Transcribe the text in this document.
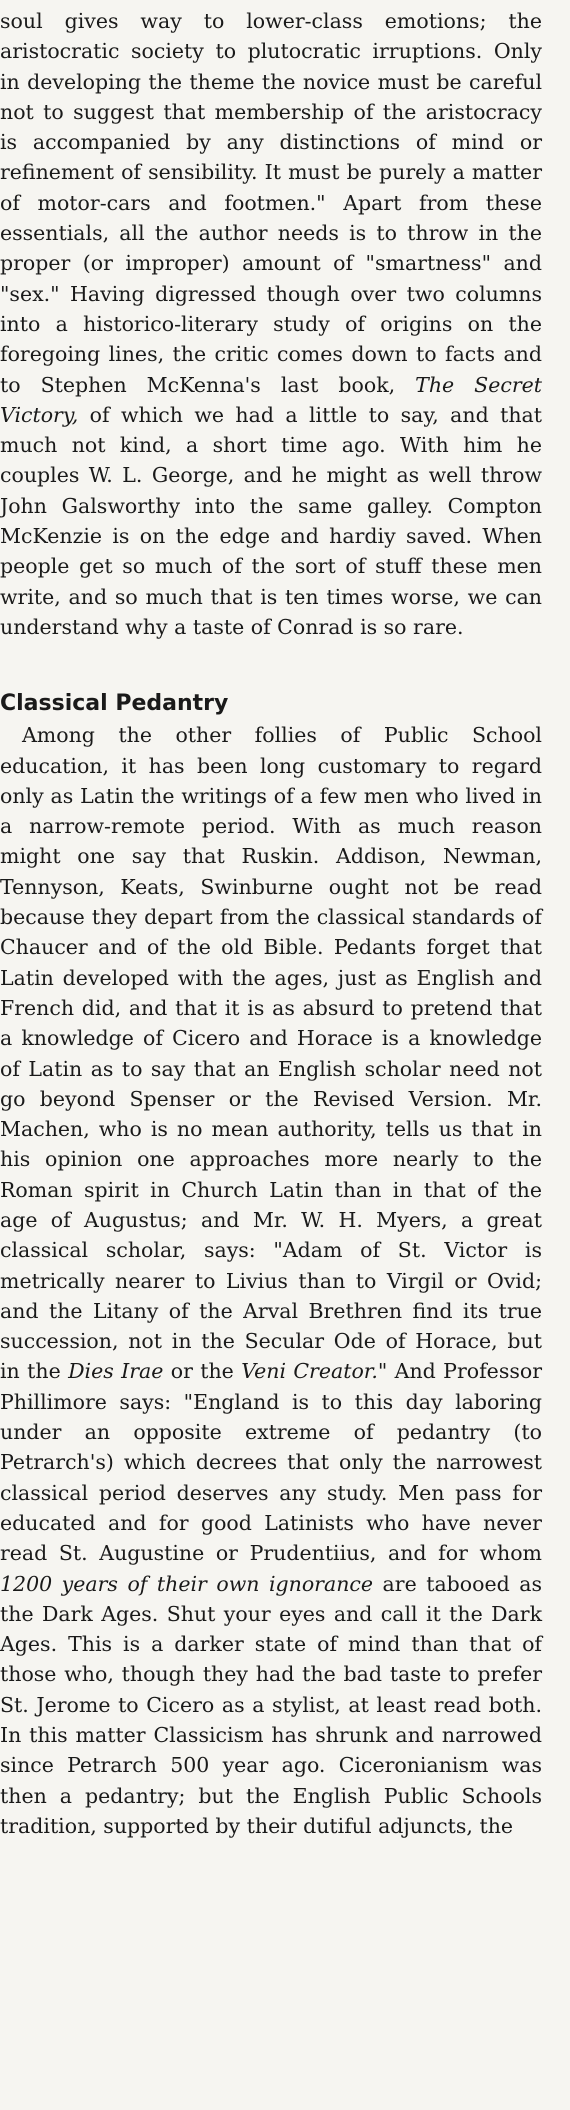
soul gives way to lower-class emotions; the aristocratic society to plutocratic irruptions. Only in developing the theme the novice must be careful not to suggest that membership of the aristocracy is accompanied by any distinctions of mind or refinement of sensibility. It must be purely a matter of motor-cars and footmen." Apart from these essentials, all the author needs is to throw in the proper (or improper) amount of "smartness" and "sex." Having digressed though over two columns into a historico-literary study of origins on the foregoing lines, the critic comes down to facts and to Stephen McKenna's last book, The Secret Victory, of which we had a little to say, and that much not kind, a short time ago. With him he couples W. L. George, and he might as well throw John Galsworthy into the same galley. Compton McKenzie is on the edge and hardiy saved. When people get so much of the sort of stuff these men write, and so much that is ten times worse, we can understand why a taste of Conrad is so rare.

Classical Pedantry

Among the other follies of Public School education, it has been long customary to regard only as Latin the writings of a few men who lived in a narrow-remote period. With as much reason might one say that Ruskin. Addison, Newman, Tennyson, Keats, Swinburne ought not be read because they depart from the classical standards of Chaucer and of the old Bible. Pedants forget that Latin developed with the ages, just as English and French did, and that it is as absurd to pretend that a knowledge of Cicero and Horace is a knowledge of Latin as to say that an English scholar need not go beyond Spenser or the Revised Version. Mr. Machen, who is no mean authority, tells us that in his opinion one approaches more nearly to the Roman spirit in Church Latin than in that of the age of Augustus; and Mr. W. H. Myers, a great classical scholar, says: "Adam of St. Victor is metrically nearer to Livius than to Virgil or Ovid; and the Litany of the Arval Brethren find its true succession, not in the Secular Ode of Horace, but in the Dies Irae or the Veni Creator." And Professor Phillimore says: "England is to this day laboring under an opposite extreme of pedantry (to Petrarch's) which decrees that only the narrowest classical period deserves any study. Men pass for educated and for good Latinists who have never read St. Augustine or Prudentiius, and for whom 1200 years of their own ignorance are tabooed as the Dark Ages. Shut your eyes and call it the Dark Ages. This is a darker state of mind than that of those who, though they had the bad taste to prefer St. Jerome to Cicero as a stylist, at least read both. In this matter Classicism has shrunk and narrowed since Petrarch 500 year ago. Ciceronianism was then a pedantry; but the English Public Schools tradition, supported by their dutiful adjuncts, the
